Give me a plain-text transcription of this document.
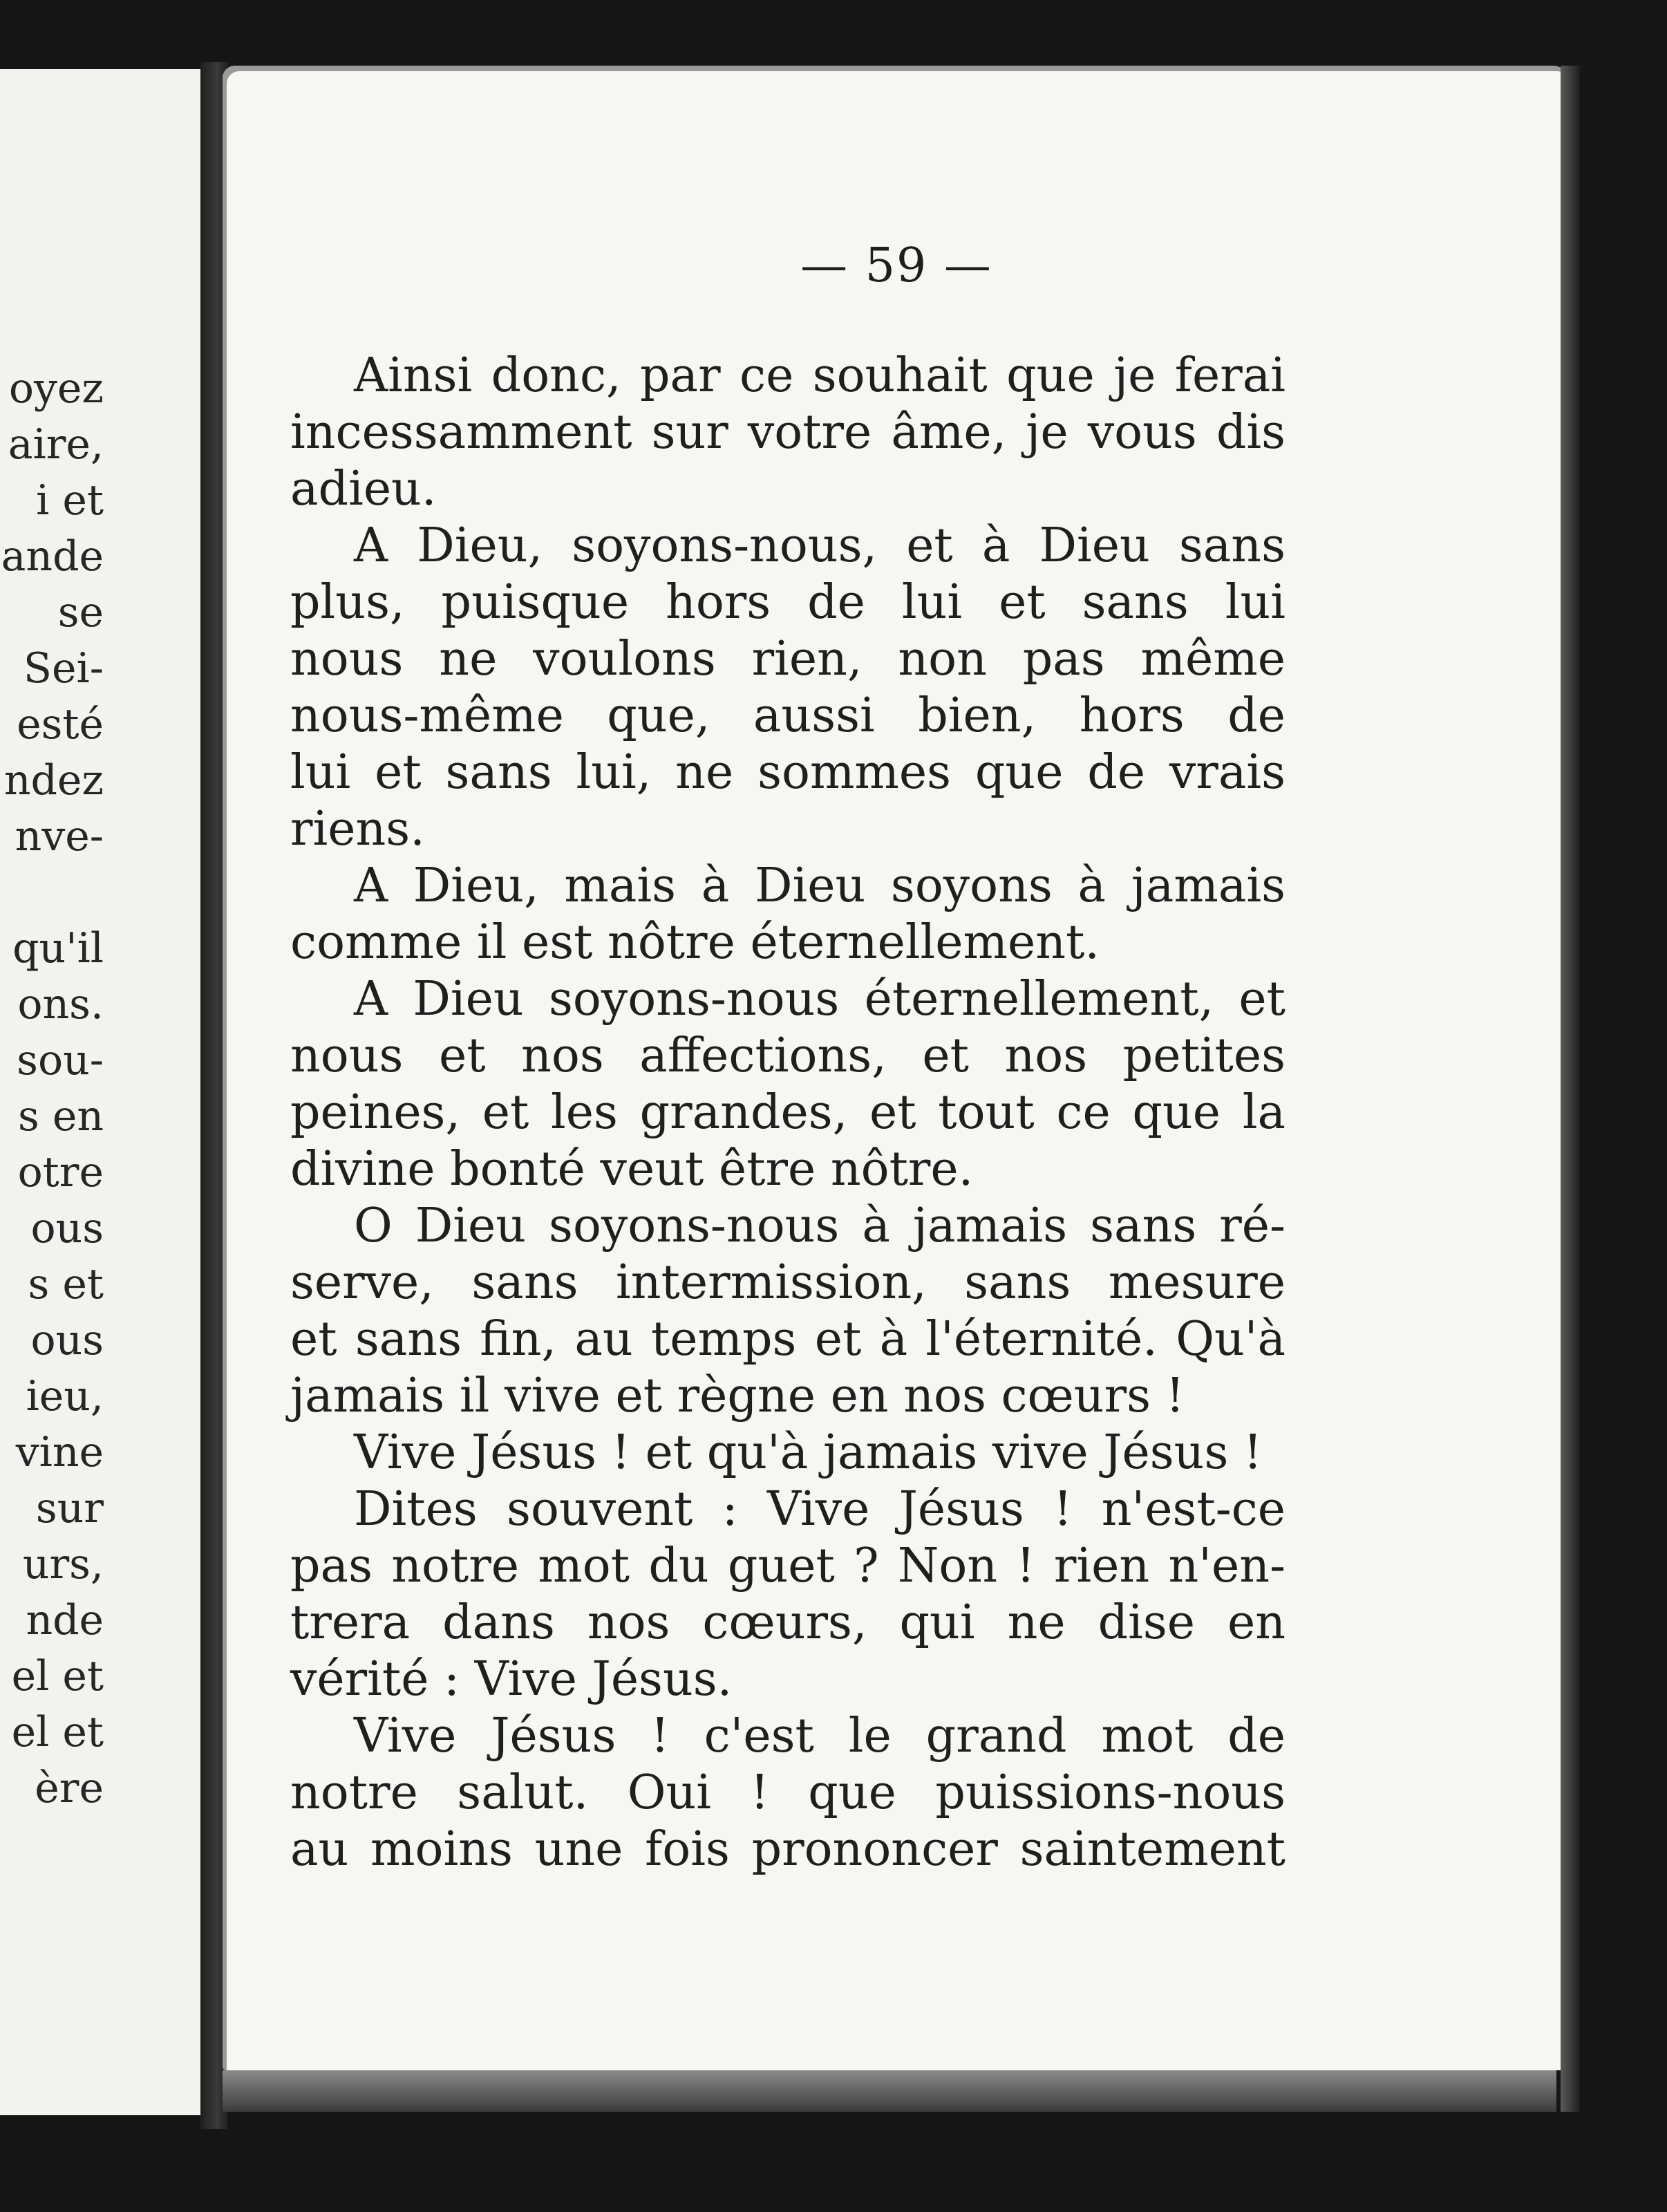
oyez
aire,
i et
ande
se
Sei-
esté
ndez
nve-
qu'il
ons.
sou-
s en
otre
ous
s et
ous
ieu,
vine
sur
urs,
nde
el et
el et
ère
— 59 —
Ainsi donc, par ce souhait que je ferai
incessamment sur votre âme, je vous dis
adieu.
A Dieu, soyons-nous, et à Dieu sans
plus, puisque hors de lui et sans lui
nous ne voulons rien, non pas même
nous-même que, aussi bien, hors de
lui et sans lui, ne sommes que de vrais
riens.
A Dieu, mais à Dieu soyons à jamais
comme il est nôtre éternellement.
A Dieu soyons-nous éternellement, et
nous et nos affections, et nos petites
peines, et les grandes, et tout ce que la
divine bonté veut être nôtre.
O Dieu soyons-nous à jamais sans ré-
serve, sans intermission, sans mesure
et sans fin, au temps et à l'éternité. Qu'à
jamais il vive et règne en nos cœurs !
Vive Jésus ! et qu'à jamais vive Jésus !
Dites souvent : Vive Jésus ! n'est-ce
pas notre mot du guet ? Non ! rien n'en-
trera dans nos cœurs, qui ne dise en
vérité : Vive Jésus.
Vive Jésus ! c'est le grand mot de
notre salut. Oui ! que puissions-nous
au moins une fois prononcer saintement
